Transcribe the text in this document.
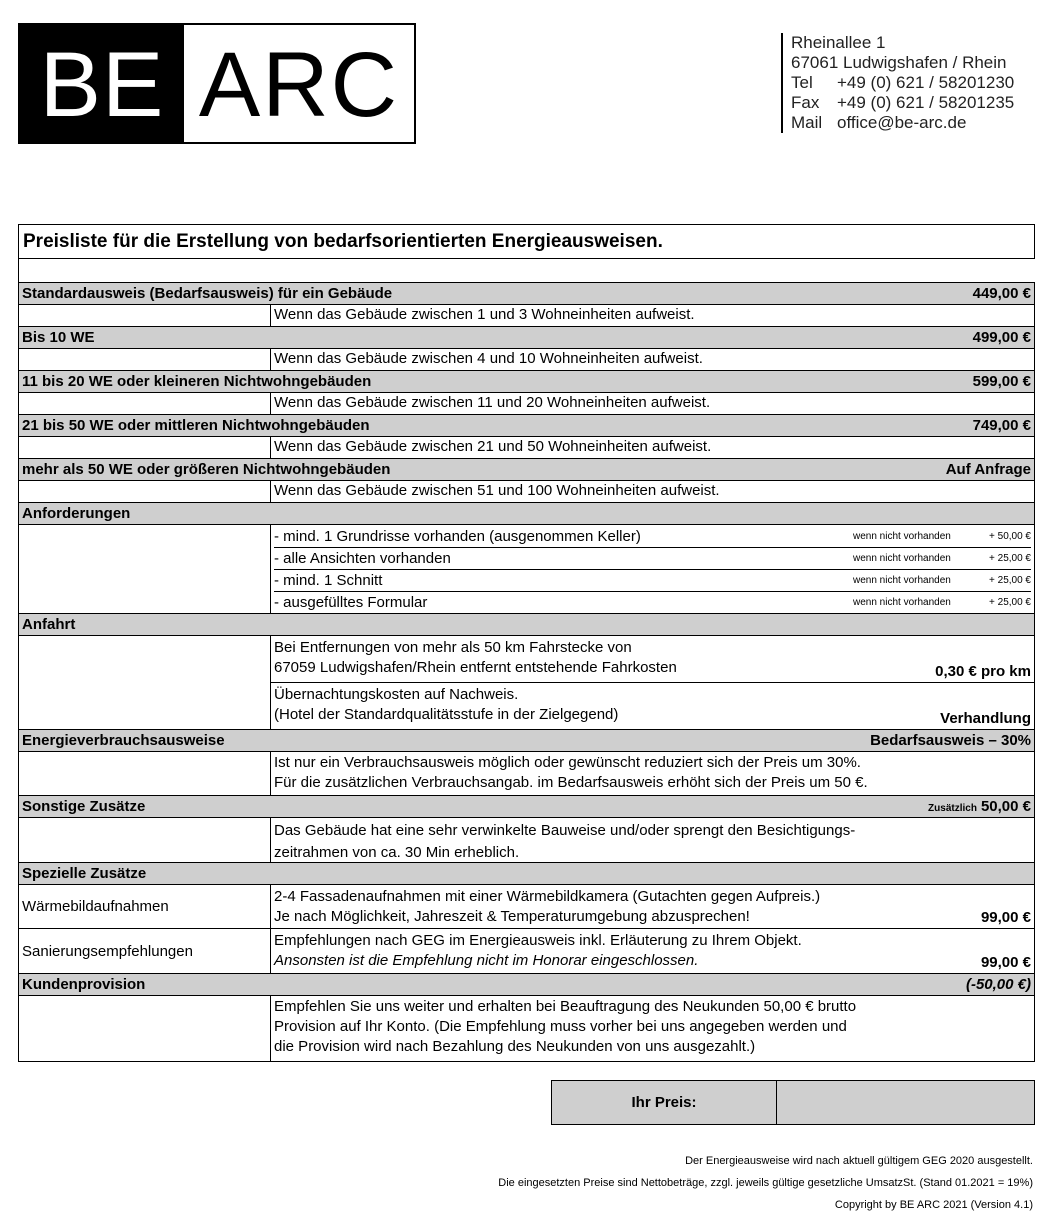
BE ARC	Rheinallee 1
67061 Ludwigshafen / Rhein
Tel +49 (0) 621 / 58201230
Fax +49 (0) 621 / 58201235
Mail office@be-arc.de
Preisliste für die Erstellung von bedarfsorientierten Energieausweisen.
Standardausweis (Bedarfsausweis) für ein Gebäude	449,00 €
Wenn das Gebäude zwischen 1 und 3 Wohneinheiten aufweist.
Bis 10 WE	499,00 €
Wenn das Gebäude zwischen 4 und 10 Wohneinheiten aufweist.
11 bis 20 WE oder kleineren Nichtwohngebäuden	599,00 €
Wenn das Gebäude zwischen 11 und 20 Wohneinheiten aufweist.
21 bis 50 WE oder mittleren Nichtwohngebäuden	749,00 €
Wenn das Gebäude zwischen 21 und 50 Wohneinheiten aufweist.
mehr als 50 WE oder größeren Nichtwohngebäuden	Auf Anfrage
Wenn das Gebäude zwischen 51 und 100 Wohneinheiten aufweist.
Anforderungen
- mind. 1 Grundrisse vorhanden (ausgenommen Keller)	wenn nicht vorhanden	+ 50,00 €
- alle Ansichten vorhanden	wenn nicht vorhanden	+ 25,00 €
- mind. 1 Schnitt	wenn nicht vorhanden	+ 25,00 €
- ausgefülltes Formular	wenn nicht vorhanden	+ 25,00 €
Anfahrt
Bei Entfernungen von mehr als 50 km Fahrstecke von
67059 Ludwigshafen/Rhein entfernt entstehende Fahrkosten	0,30 € pro km
Übernachtungskosten auf Nachweis.
(Hotel der Standardqualitätsstufe in der Zielgegend)	Verhandlung
Energieverbrauchsausweise	Bedarfsausweis – 30%
Ist nur ein Verbrauchsausweis möglich oder gewünscht reduziert sich der Preis um 30%.
Für die zusätzlichen Verbrauchsangab. im Bedarfsausweis erhöht sich der Preis um 50 €.
Sonstige Zusätze	Zusätzlich 50,00 €
Das Gebäude hat eine sehr verwinkelte Bauweise und/oder sprengt den Besichtigungs-
zeitrahmen von ca. 30 Min erheblich.
Spezielle Zusätze
Wärmebildaufnahmen
2-4 Fassadenaufnahmen mit einer Wärmebildkamera (Gutachten gegen Aufpreis.)
Je nach Möglichkeit, Jahreszeit & Temperaturumgebung abzusprechen!	99,00 €
Sanierungsempfehlungen
Empfehlungen nach GEG im Energieausweis inkl. Erläuterung zu Ihrem Objekt.
Ansonsten ist die Empfehlung nicht im Honorar eingeschlossen.	99,00 €
Kundenprovision	(-50,00 €)
Empfehlen Sie uns weiter und erhalten bei Beauftragung des Neukunden 50,00 € brutto
Provision auf Ihr Konto. (Die Empfehlung muss vorher bei uns angegeben werden und
die Provision wird nach Bezahlung des Neukunden von uns ausgezahlt.)
Ihr Preis:
Der Energieausweise wird nach aktuell gültigem GEG 2020 ausgestellt.
Die eingesetzten Preise sind Nettobeträge, zzgl. jeweils gültige gesetzliche UmsatzSt. (Stand 01.2021 = 19%)
Copyright by BE ARC 2021 (Version 4.1)
